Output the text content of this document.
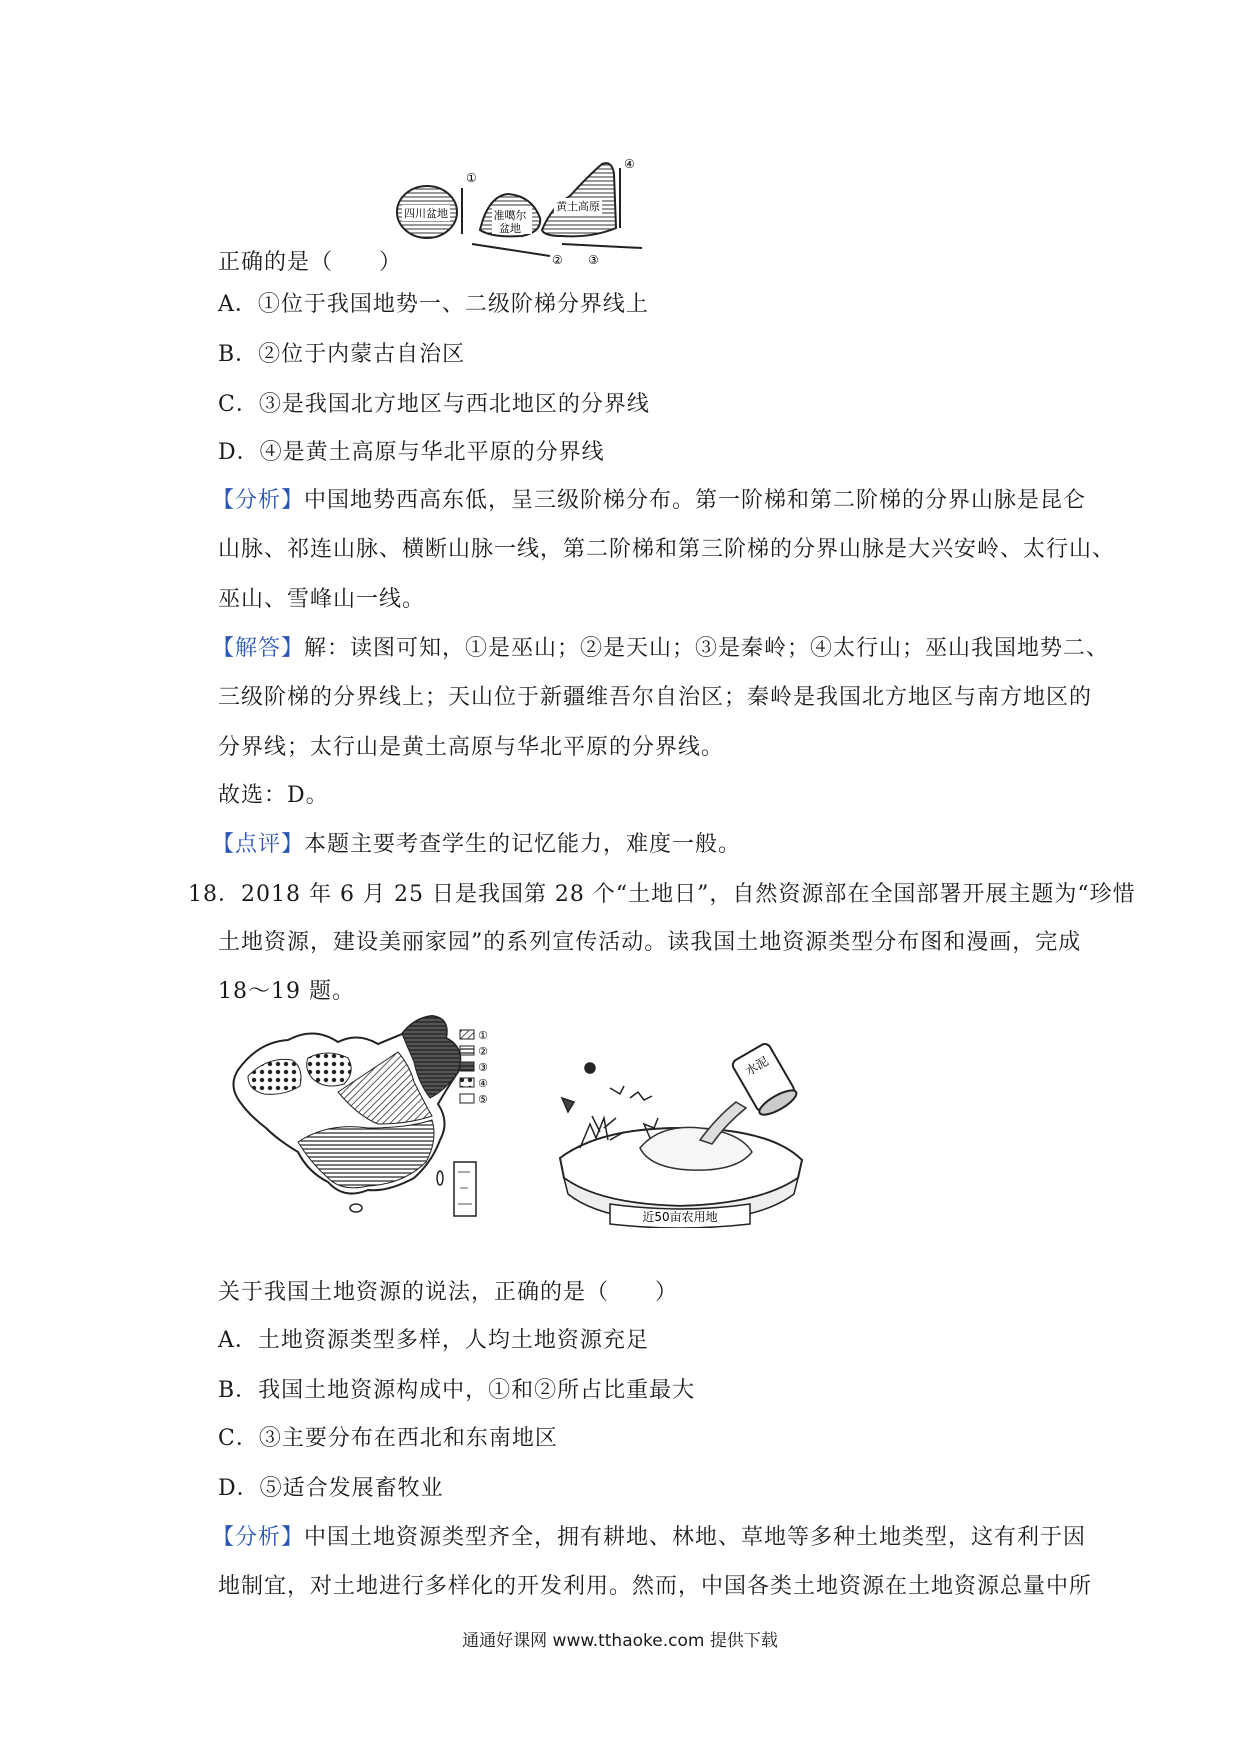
四川盆地
①
准噶尔
盆地
②
黄土高原
④
③
正确的是（　　）
A．①位于我国地势一、二级阶梯分界线上
B．②位于内蒙古自治区
C．③是我国北方地区与西北地区的分界线
D．④是黄土高原与华北平原的分界线
【分析】中国地势西高东低，呈三级阶梯分布。第一阶梯和第二阶梯的分界山脉是昆仑
山脉、祁连山脉、横断山脉一线，第二阶梯和第三阶梯的分界山脉是大兴安岭、太行山、
巫山、雪峰山一线。
【解答】解：读图可知，①是巫山；②是天山；③是秦岭；④太行山；巫山我国地势二、
三级阶梯的分界线上；天山位于新疆维吾尔自治区；秦岭是我国北方地区与南方地区的
分界线；太行山是黄土高原与华北平原的分界线。
故选：D。
【点评】本题主要考查学生的记忆能力，难度一般。
18．2018 年 6 月 25 日是我国第 28 个“土地日”，自然资源部在全国部署开展主题为“珍惜
土地资源，建设美丽家园”的系列宣传活动。读我国土地资源类型分布图和漫画，完成
18～19 题。
①
②
③
④
⑤
水泥
近50亩农用地
关于我国土地资源的说法，正确的是（　　）
A．土地资源类型多样，人均土地资源充足
B．我国土地资源构成中，①和②所占比重最大
C．③主要分布在西北和东南地区
D．⑤适合发展畜牧业
【分析】中国土地资源类型齐全，拥有耕地、林地、草地等多种土地类型，这有利于因
地制宜，对土地进行多样化的开发利用。然而，中国各类土地资源在土地资源总量中所
通通好课网 www.tthaoke.com 提供下载
